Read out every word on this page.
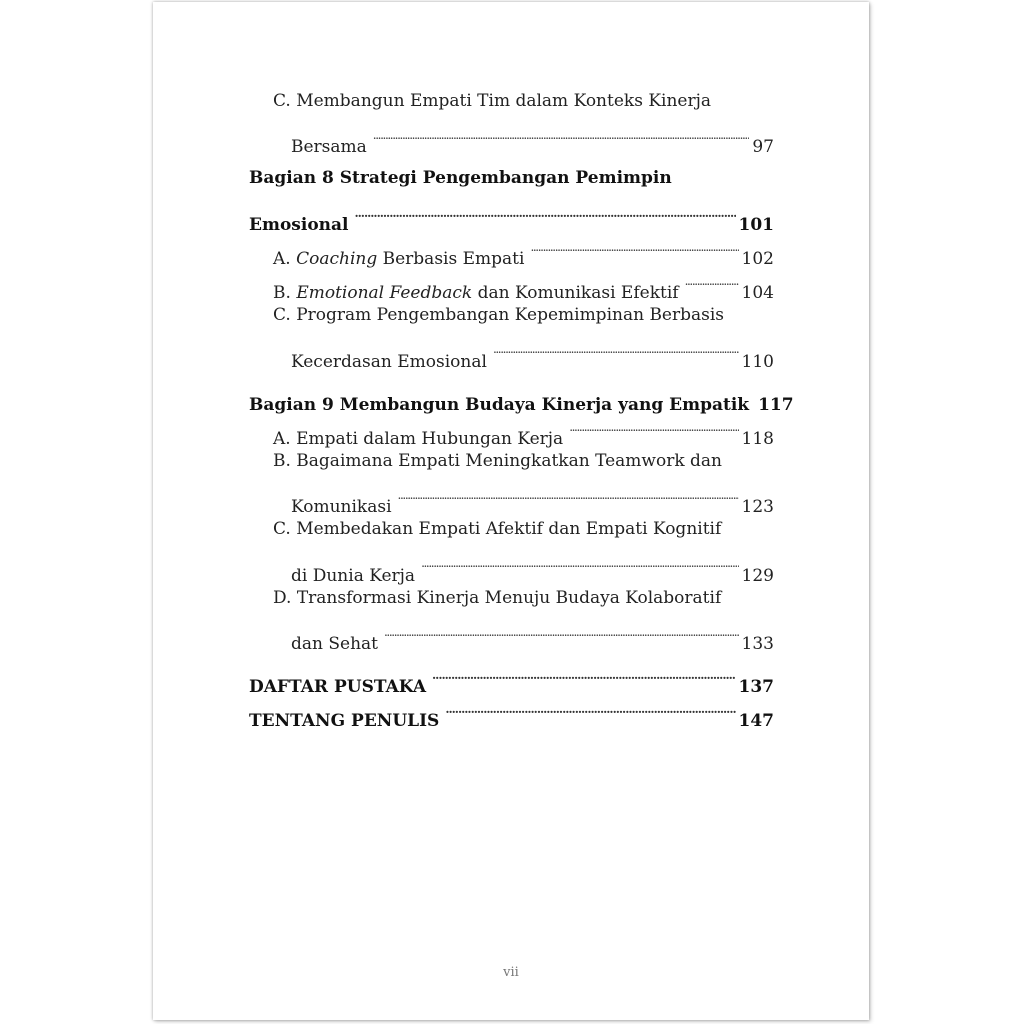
C. Membangun Empati Tim dalam Konteks Kinerja
Bersama . . .	97
Bagian 8 Strategi Pengembangan Pemimpin
Emosional . . .	101
A. Coaching Berbasis Empati . . .	102
B. Emotional Feedback dan Komunikasi Efektif . . .	104
C. Program Pengembangan Kepemimpinan Berbasis
Kecerdasan Emosional . . .	110
Bagian 9 Membangun Budaya Kinerja yang Empatik 117
A. Empati dalam Hubungan Kerja . . .	118
B. Bagaimana Empati Meningkatkan Teamwork dan
Komunikasi . . .	123
C. Membedakan Empati Afektif dan Empati Kognitif
di Dunia Kerja . . .	129
D. Transformasi Kinerja Menuju Budaya Kolaboratif
dan Sehat . . .	133
DAFTAR PUSTAKA . . .	137
TENTANG PENULIS . . .	147
vii
